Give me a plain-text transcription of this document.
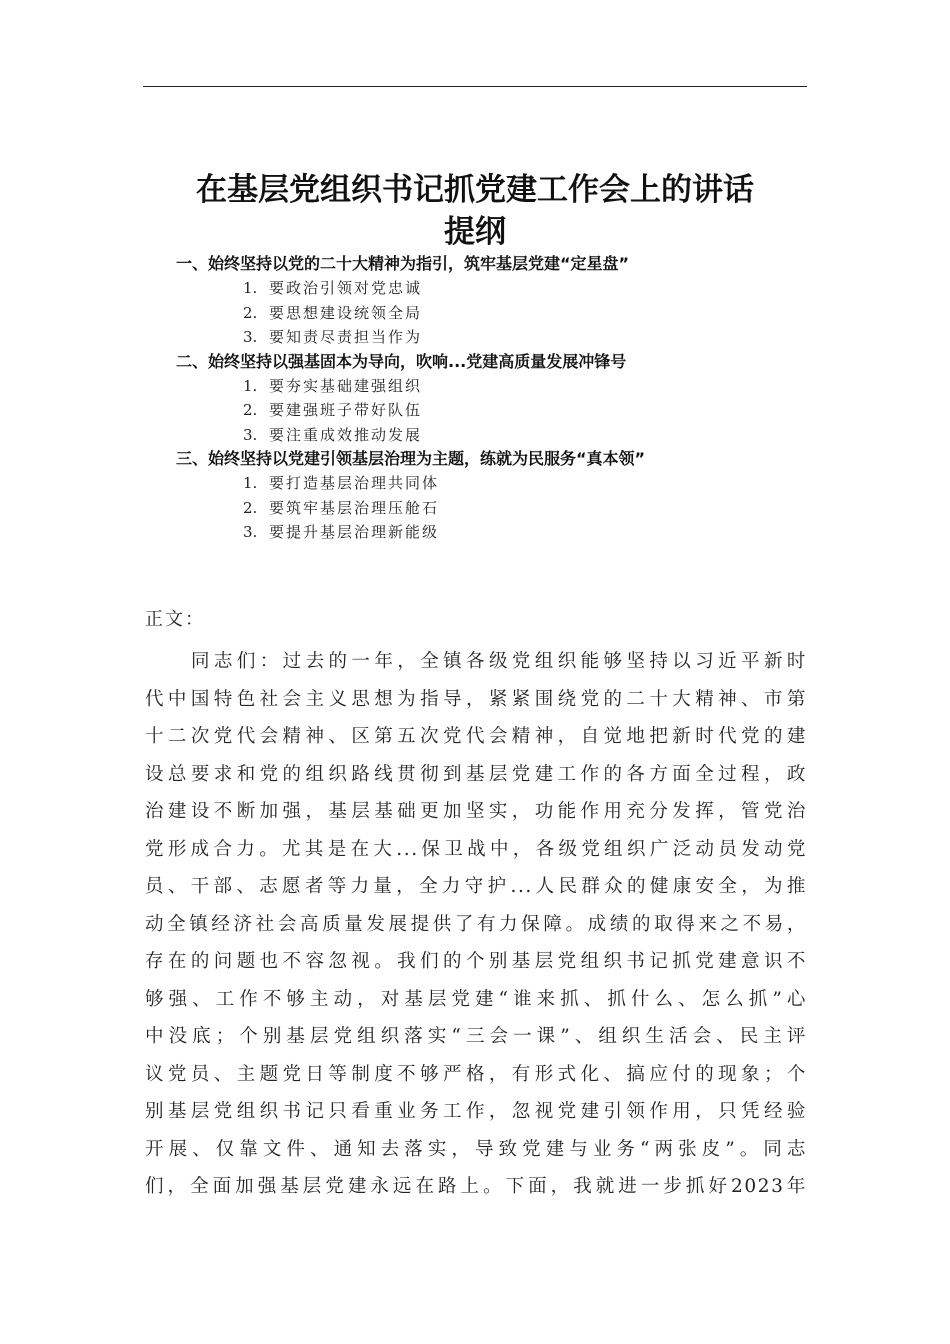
在基层党组织书记抓党建工作会上的讲话
提纲
一、始终坚持以党的二十大精神为指引，筑牢基层党建“定星盘”
1. 要政治引领对党忠诚
2. 要思想建设统领全局
3. 要知责尽责担当作为
二、始终坚持以强基固本为导向，吹响...党建高质量发展冲锋号
1. 要夯实基础建强组织
2. 要建强班子带好队伍
3. 要注重成效推动发展
三、始终坚持以党建引领基层治理为主题，练就为民服务“真本领”
1. 要打造基层治理共同体
2. 要筑牢基层治理压舱石
3. 要提升基层治理新能级
正文：
同志们：过去的一年，全镇各级党组织能够坚持以习近平新时
代中国特色社会主义思想为指导，紧紧围绕党的二十大精神、市第
十二次党代会精神、区第五次党代会精神，自觉地把新时代党的建
设总要求和党的组织路线贯彻到基层党建工作的各方面全过程，政
治建设不断加强，基层基础更加坚实，功能作用充分发挥，管党治
党形成合力。尤其是在大...保卫战中，各级党组织广泛动员发动党
员、干部、志愿者等力量，全力守护...人民群众的健康安全，为推
动全镇经济社会高质量发展提供了有力保障。成绩的取得来之不易，
存在的问题也不容忽视。我们的个别基层党组织书记抓党建意识不
够强、工作不够主动，对基层党建“谁来抓、抓什么、怎么抓”心
中没底；个别基层党组织落实“三会一课”、组织生活会、民主评
议党员、主题党日等制度不够严格，有形式化、搞应付的现象；个
别基层党组织书记只看重业务工作，忽视党建引领作用，只凭经验
开展、仅靠文件、通知去落实，导致党建与业务“两张皮”。同志
们，全面加强基层党建永远在路上。下面，我就进一步抓好2023年
